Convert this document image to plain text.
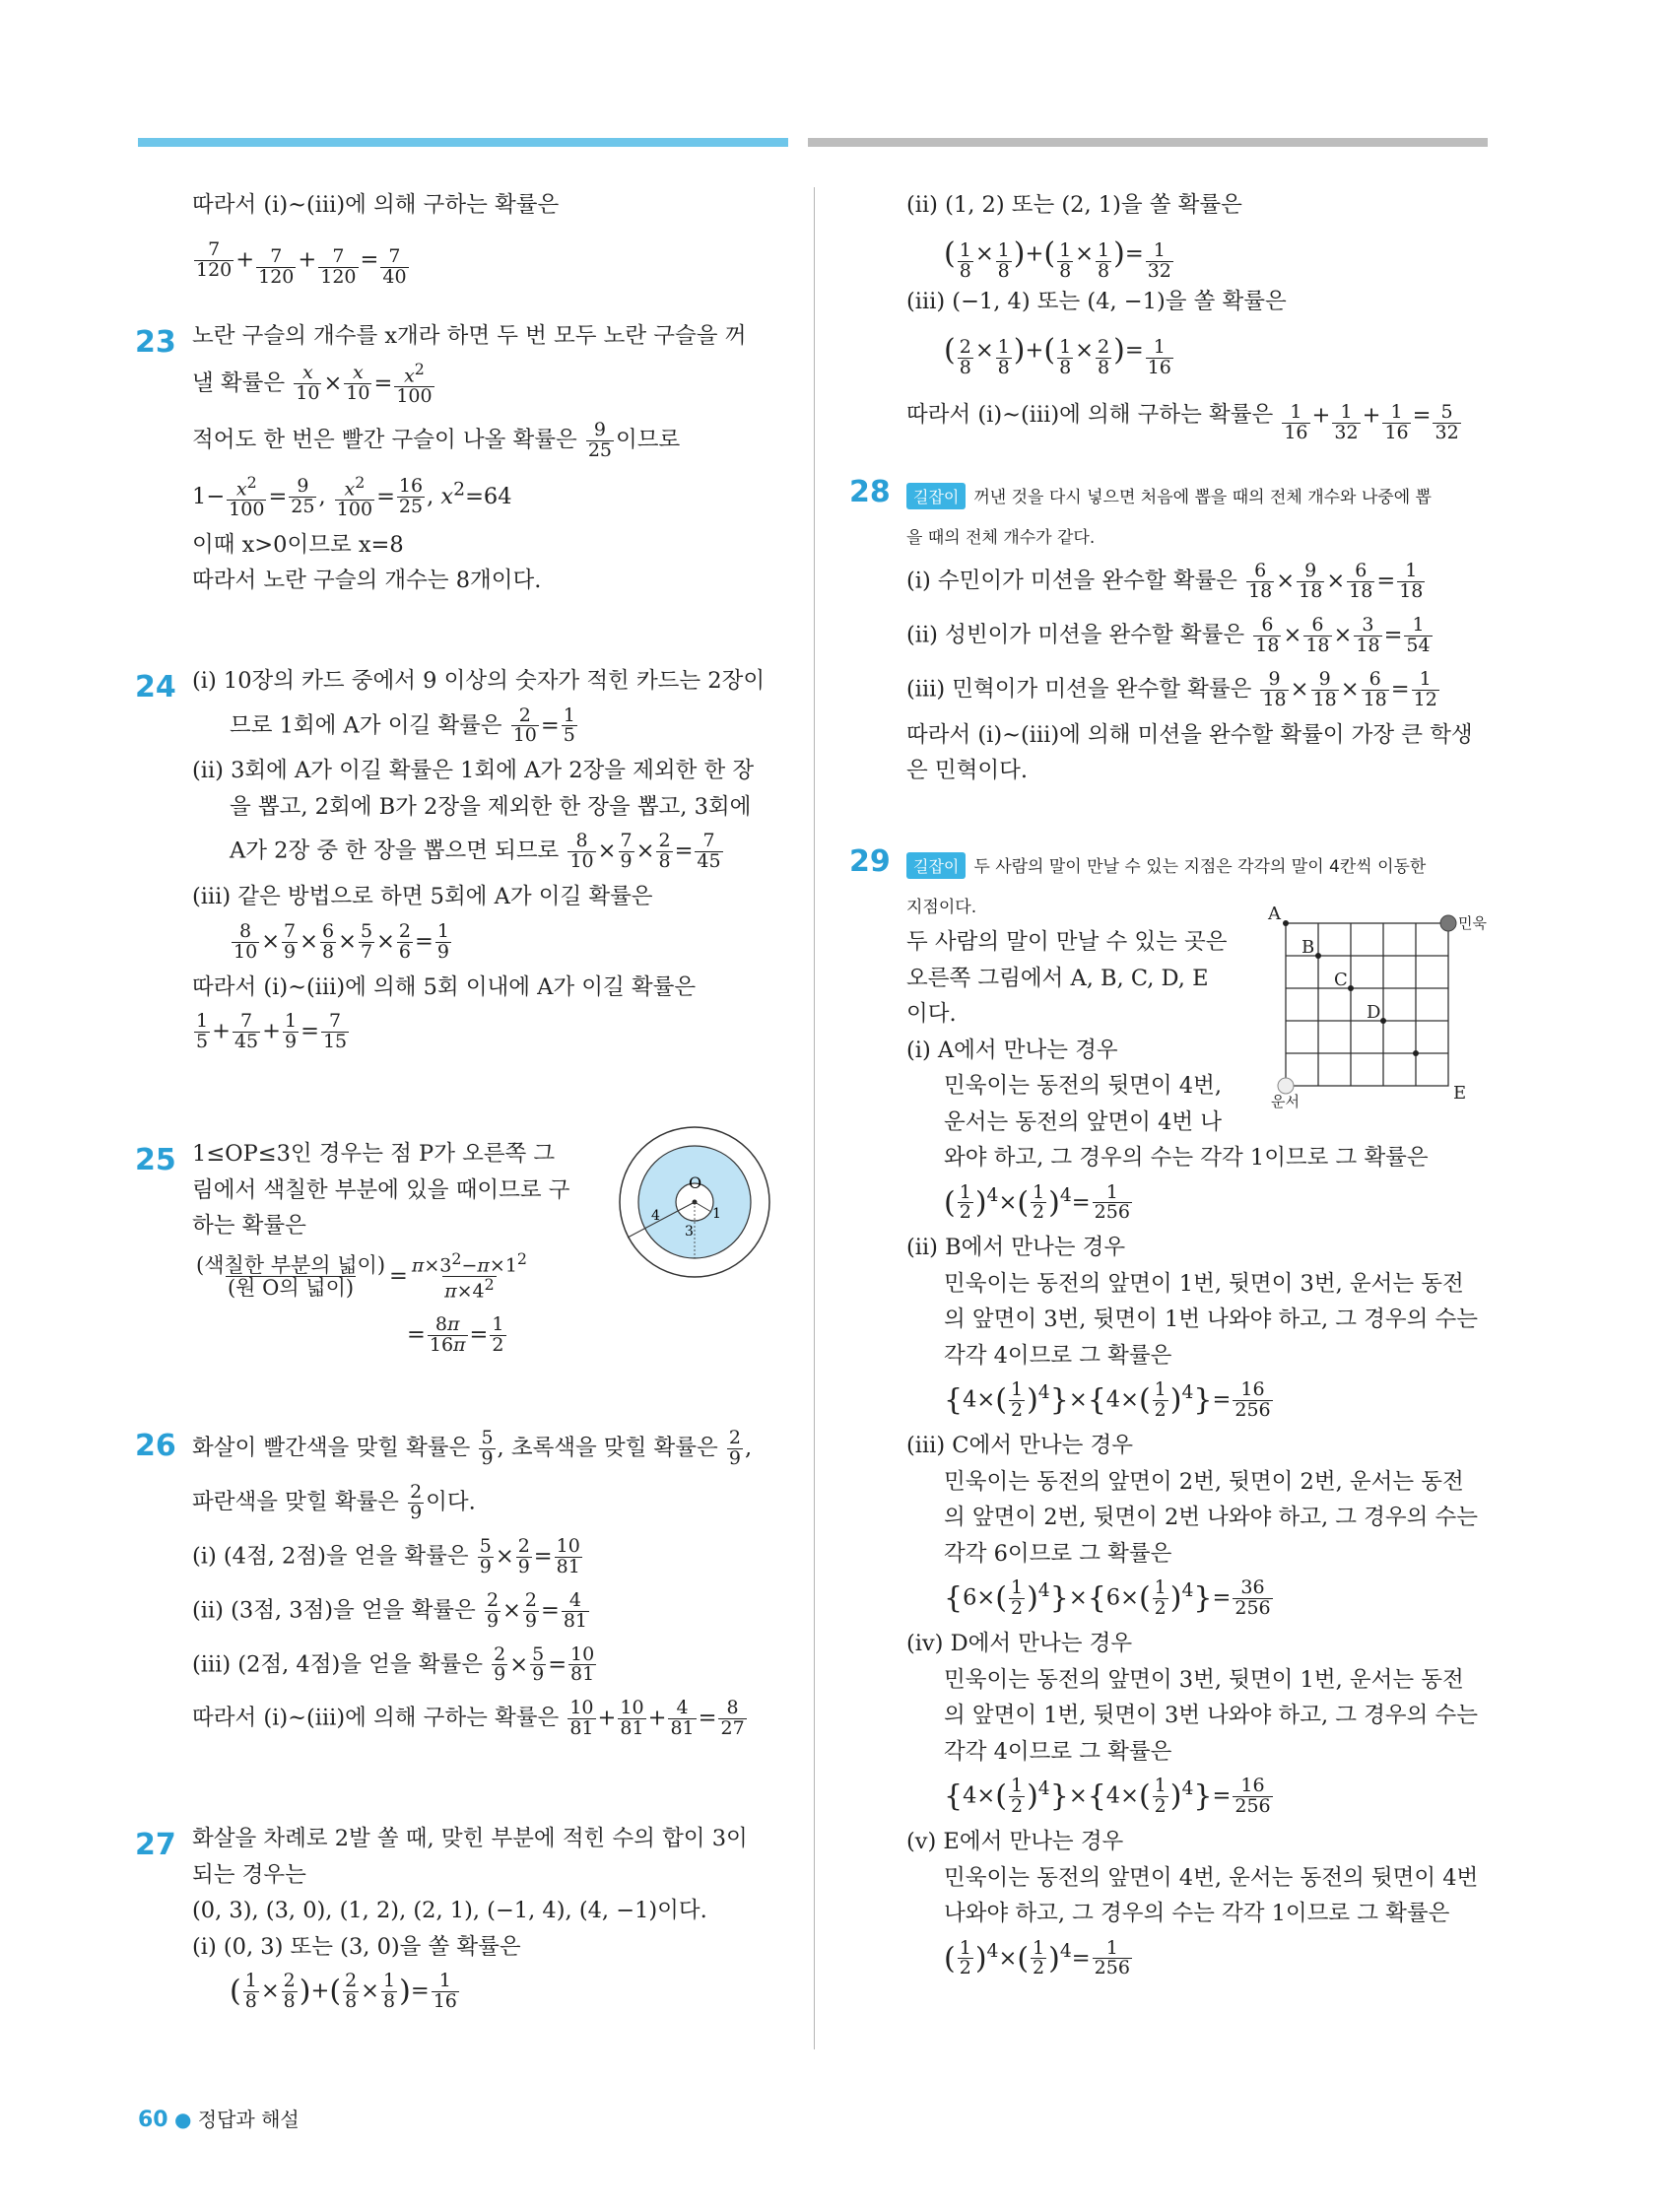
따라서 (ⅰ)~(ⅲ)에 의해 구하는 확률은
$\frac{7}{120} + \frac{7}{120} + \frac{7}{120} = \frac{7}{40}$
23 노란 구슬의 개수를 x개라 하면 두 번 모두 노란 구슬을 꺼
낼 확률은 $\frac{x}{10} \times \frac{x}{10} = \frac{x^2}{100}$
적어도 한 번은 빨간 구슬이 나올 확률은 $\frac{9}{25}$ 이므로
$1- \frac{x^2}{100} = \frac{9}{25}$ , $\frac{x^2}{100} = \frac{16}{25}$ , $x^2=64$
이때 x>0이므로 x=8
따라서 노란 구슬의 개수는 8개이다.
24 (ⅰ) 10장의 카드 중에서 9 이상의 숫자가 적힌 카드는 2장이
므로 1회에 A가 이길 확률은 $\frac{2}{10} = \frac{1}{5}$
(ⅱ) 3회에 A가 이길 확률은 1회에 A가 2장을 제외한 한 장
을 뽑고, 2회에 B가 2장을 제외한 한 장을 뽑고, 3회에
A가 2장 중 한 장을 뽑으면 되므로 $\frac{8}{10} \times \frac{7}{9} \times \frac{2}{8} = \frac{7}{45}$
(ⅲ) 같은 방법으로 하면 5회에 A가 이길 확률은
$\frac{8}{10} \times \frac{7}{9} \times \frac{6}{8} \times \frac{5}{7} \times \frac{2}{6} = \frac{1}{9}$
따라서 (ⅰ)~(ⅲ)에 의해 5회 이내에 A가 이길 확률은
$\frac{1}{5} + \frac{7}{45} + \frac{1}{9} = \frac{7}{15}$
25 1≤OP≤3인 경우는 점 P가 오른쪽 그
림에서 색칠한 부분에 있을 때이므로 구
하는 확률은
$\frac{\text{(색칠한 부분의 넓이)}}{\text{(원 O의 넓이)}} = \frac{\pi\times 3^2-\pi\times 1^2}{\pi\times 4^2}$
= $\frac{8\pi}{16\pi} = \frac{1}{2}$
O
4	1
3
26 화살이 빨간색을 맞힐 확률은 $\frac{5}{9}$ , 초록색을 맞힐 확률은 $\frac{2}{9}$ ,
파란색을 맞힐 확률은 $\frac{2}{9}$ 이다.
(ⅰ) (4점, 2점)을 얻을 확률은 $\frac{5}{9} \times \frac{2}{9} = \frac{10}{81}$
(ⅱ) (3점, 3점)을 얻을 확률은 $\frac{2}{9} \times \frac{2}{9} = \frac{4}{81}$
(ⅲ) (2점, 4점)을 얻을 확률은 $\frac{2}{9} \times \frac{5}{9} = \frac{10}{81}$
따라서 (ⅰ)~(ⅲ)에 의해 구하는 확률은 $\frac{10}{81} + \frac{10}{81} + \frac{4}{81} = \frac{8}{27}$
27 화살을 차례로 2발 쏠 때, 맞힌 부분에 적힌 수의 합이 3이
되는 경우는
(0, 3), (3, 0), (1, 2), (2, 1), (−1, 4), (4, −1)이다.
(ⅰ) (0, 3) 또는 (3, 0)을 쏠 확률은
( $\frac{1}{8} \times \frac{2}{8}$ )+( $\frac{2}{8} \times \frac{1}{8}$ )= $\frac{1}{16}$
(ⅱ) (1, 2) 또는 (2, 1)을 쏠 확률은
( $\frac{1}{8} \times \frac{1}{8}$ )+( $\frac{1}{8} \times \frac{1}{8}$ )= $\frac{1}{32}$
(ⅲ) (−1, 4) 또는 (4, −1)을 쏠 확률은
( $\frac{2}{8} \times \frac{1}{8}$ )+( $\frac{1}{8} \times \frac{2}{8}$ )= $\frac{1}{16}$
따라서 (ⅰ)~(ⅲ)에 의해 구하는 확률은 $\frac{1}{16} + \frac{1}{32} + \frac{1}{16} = \frac{5}{32}$
28	길잡이 꺼낸 것을 다시 넣으면 처음에 뽑을 때의 전체 개수와 나중에 뽑
을 때의 전체 개수가 같다.
(ⅰ) 수민이가 미션을 완수할 확률은 $\frac{6}{18} \times \frac{9}{18} \times \frac{6}{18} = \frac{1}{18}$
(ⅱ) 성빈이가 미션을 완수할 확률은 $\frac{6}{18} \times \frac{6}{18} \times \frac{3}{18} = \frac{1}{54}$
(ⅲ) 민혁이가 미션을 완수할 확률은 $\frac{9}{18} \times \frac{9}{18} \times \frac{6}{18} = \frac{1}{12}$
따라서 (ⅰ)~(ⅲ)에 의해 미션을 완수할 확률이 가장 큰 학생
은 민혁이다.
29	길잡이 두 사람의 말이 만날 수 있는 지점은 각각의 말이 4칸씩 이동한
지점이다.
두 사람의 말이 만날 수 있는 곳은
오른쪽 그림에서 A, B, C, D, E
이다.
(ⅰ) A에서 만나는 경우
민욱이는 동전의 뒷면이 4번,
운서는 동전의 앞면이 4번 나
와야 하고, 그 경우의 수는 각각 1이므로 그 확률은
( $\frac{1}{2} )^4\times( \frac{1}{2} )^4= \frac{1}{256}$
(ⅱ) B에서 만나는 경우
민욱이는 동전의 앞면이 1번, 뒷면이 3번, 운서는 동전
의 앞면이 3번, 뒷면이 1번 나와야 하고, 그 경우의 수는
각각 4이므로 그 확률은
$\{4\times( \frac{1}{2} )^4\}\times\{4\times( \frac{1}{2} )^4\}= \frac{16}{256}$
(ⅲ) C에서 만나는 경우
민욱이는 동전의 앞면이 2번, 뒷면이 2번, 운서는 동전
의 앞면이 2번, 뒷면이 2번 나와야 하고, 그 경우의 수는
각각 6이므로 그 확률은
$\{6\times( \frac{1}{2} )^4\}\times\{6\times( \frac{1}{2} )^4\}= \frac{36}{256}$
(ⅳ) D에서 만나는 경우
민욱이는 동전의 앞면이 3번, 뒷면이 1번, 운서는 동전
의 앞면이 1번, 뒷면이 3번 나와야 하고, 그 경우의 수는
각각 4이므로 그 확률은
$\{4\times( \frac{1}{2} )^4\}\times\{4\times( \frac{1}{2} )^4\}= \frac{16}{256}$
(ⅴ) E에서 만나는 경우
민욱이는 동전의 앞면이 4번, 운서는 동전의 뒷면이 4번
나와야 하고, 그 경우의 수는 각각 1이므로 그 확률은
( $\frac{1}{2} )^4\times( \frac{1}{2} )^4= \frac{1}{256}$
A
B
C
D
E
민욱
운서
60 ● 정답과 해설
